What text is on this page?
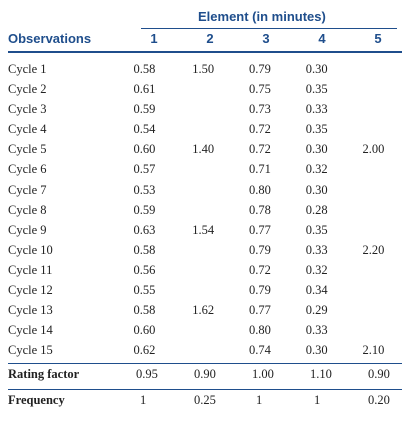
Element (in minutes)
Observations	1	2	3	4	5
Cycle 1	0.58	1.50	0.79	0.30	
Cycle 2	0.61		0.75	0.35	
Cycle 3	0.59		0.73	0.33	
Cycle 4	0.54		0.72	0.35	
Cycle 5	0.60	1.40	0.72	0.30	2.00
Cycle 6	0.57		0.71	0.32	
Cycle 7	0.53		0.80	0.30	
Cycle 8	0.59		0.78	0.28	
Cycle 9	0.63	1.54	0.77	0.35	
Cycle 10	0.58		0.79	0.33	2.20
Cycle 11	0.56		0.72	0.32	
Cycle 12	0.55		0.79	0.34	
Cycle 13	0.58	1.62	0.77	0.29	
Cycle 14	0.60		0.80	0.33	
Cycle 15	0.62		0.74	0.30	2.10
Rating factor	0.95	0.90	1.00	1.10	0.90
Frequency	1	0.25	1	1	0.20
